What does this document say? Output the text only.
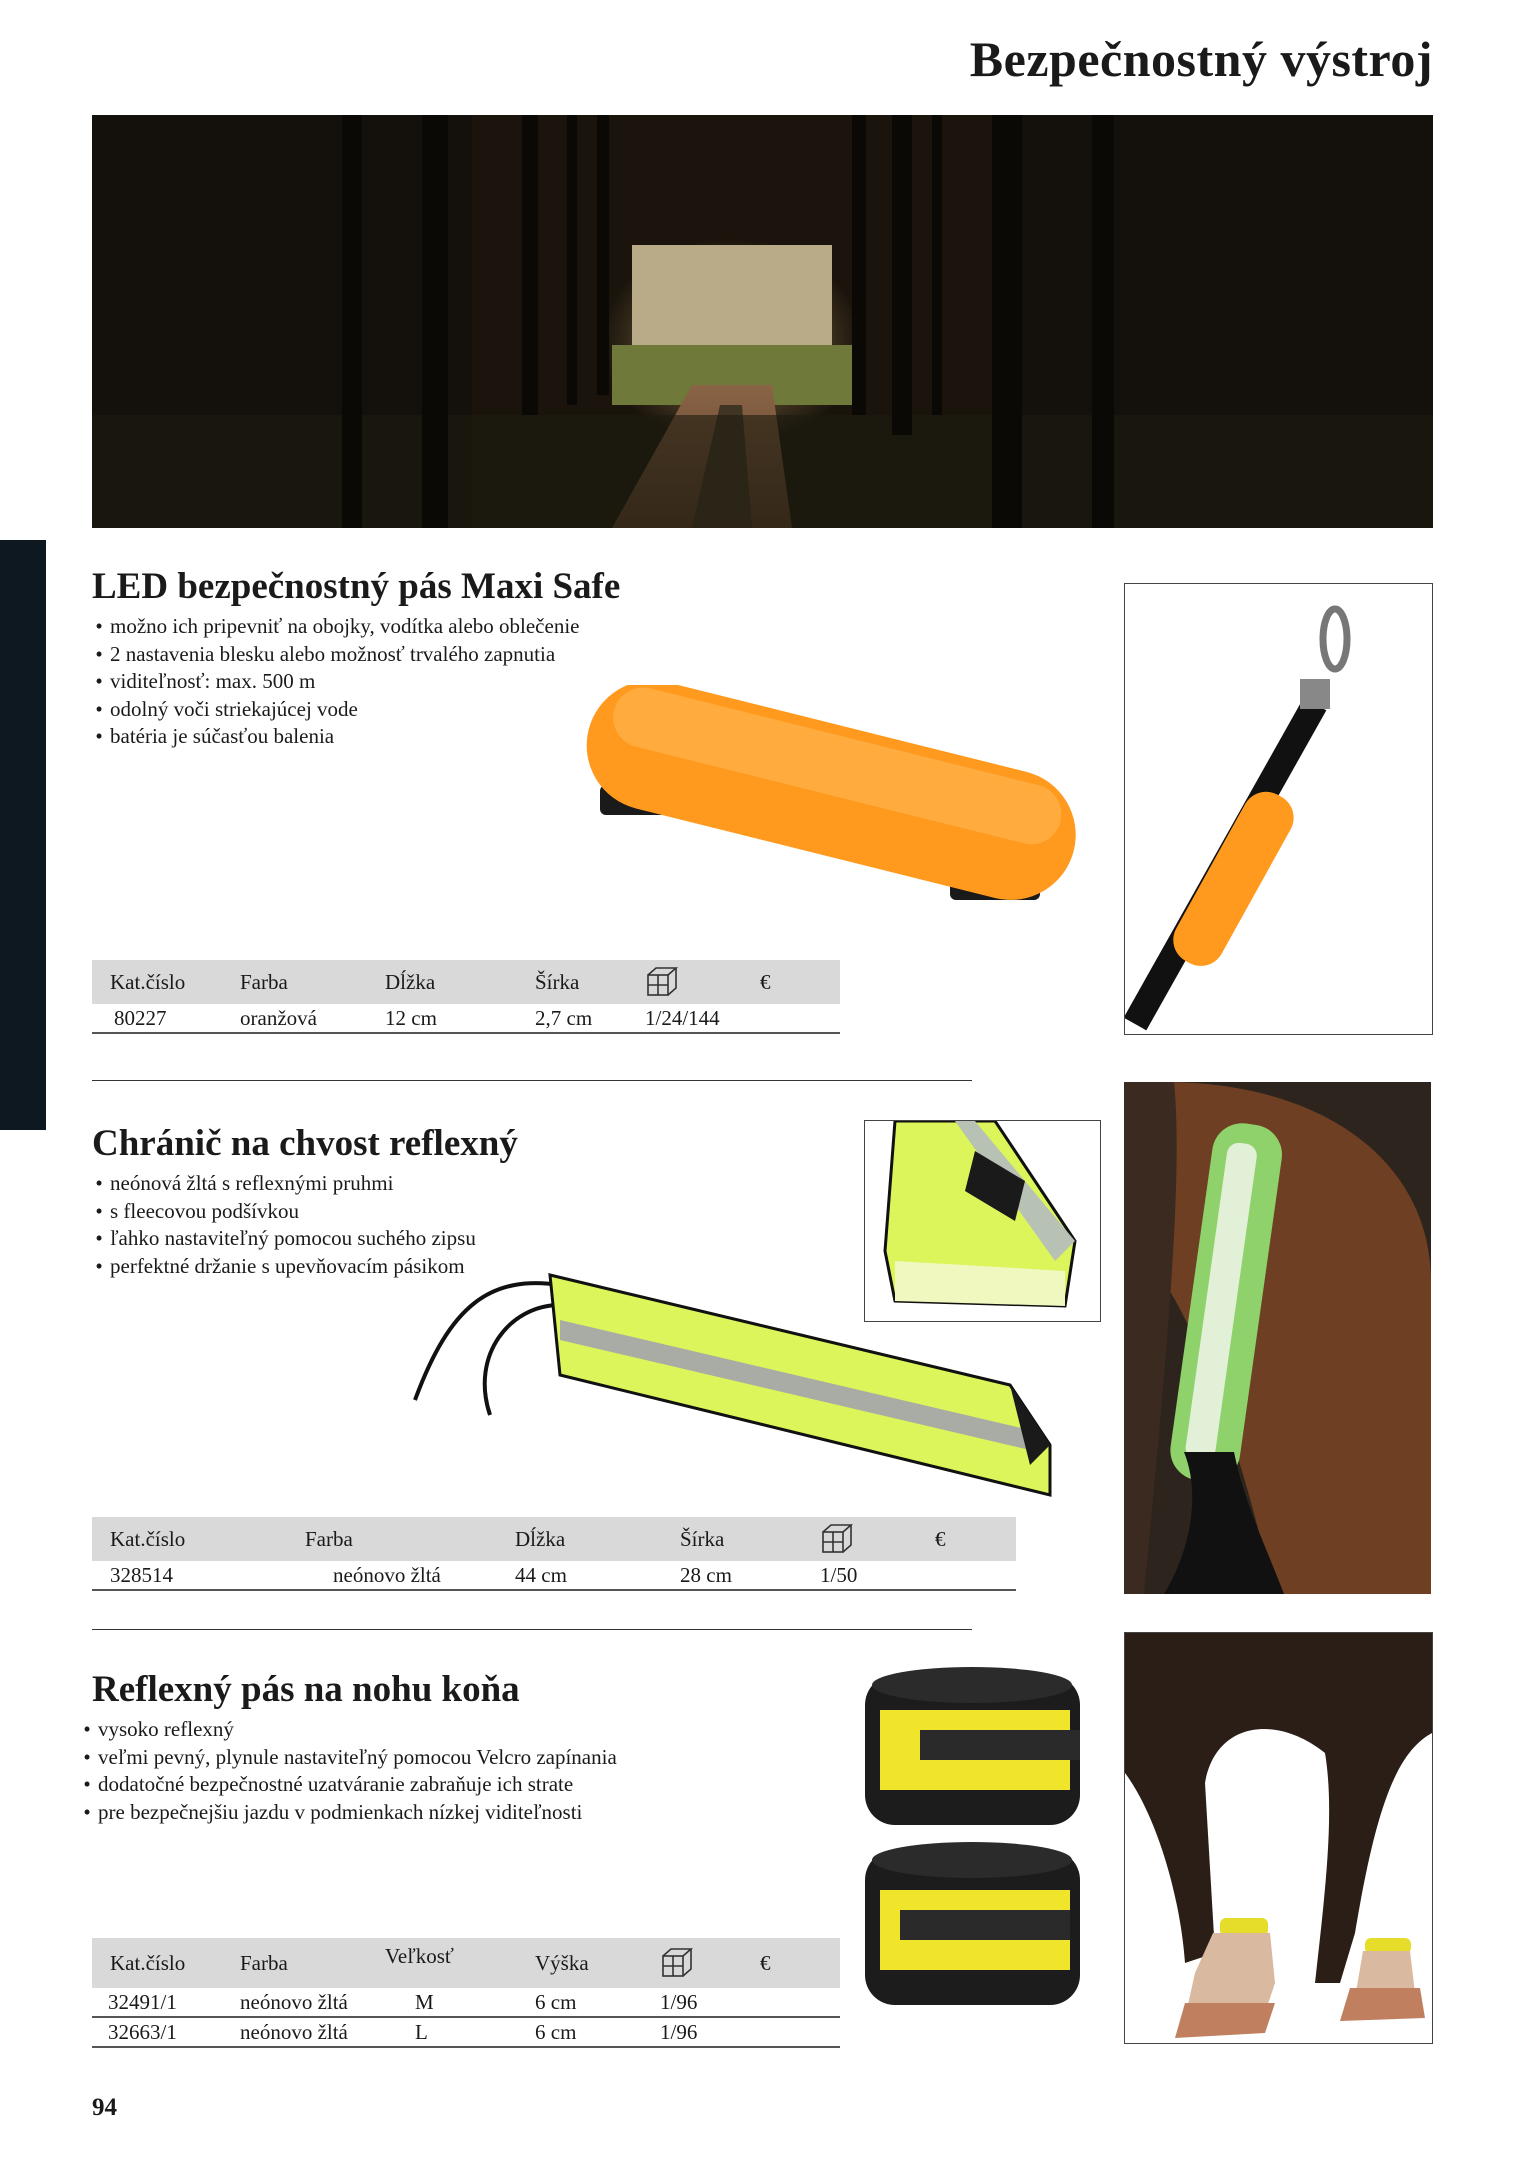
Bezpečnostný výstroj
LED bezpečnostný pás Maxi Safe
• možno ich pripevniť na obojky, vodítka alebo oblečenie
• 2 nastavenia blesku alebo možnosť trvalého zapnutia
• viditeľnosť: max. 500 m
• odolný voči striekajúcej vode
• batéria je súčasťou balenia
Kat.číslo	Farba	Dĺžka	Šírka		€
80227	oranžová	12 cm	2,7 cm	1/24/144	
Chránič na chvost reflexný
• neónová žltá s reflexnými pruhmi
• s fleecovou podšívkou
• ľahko nastaviteľný pomocou suchého zipsu
• perfektné držanie s upevňovacím pásikom
Kat.číslo	Farba	Dĺžka	Šírka		€
328514	neónovo žltá	44 cm	28 cm	1/50	
Reflexný pás na nohu koňa
• vysoko reflexný
• veľmi pevný, plynule nastaviteľný pomocou Velcro zapínania
• dodatočné bezpečnostné uzatváranie zabraňuje ich strate
• pre bezpečnejšiu jazdu v podmienkach nízkej viditeľnosti
Kat.číslo	Farba	Veľkosť	Výška		€
32491/1	neónovo žltá	M	6 cm	1/96	
32663/1	neónovo žltá	L	6 cm	1/96	
94
